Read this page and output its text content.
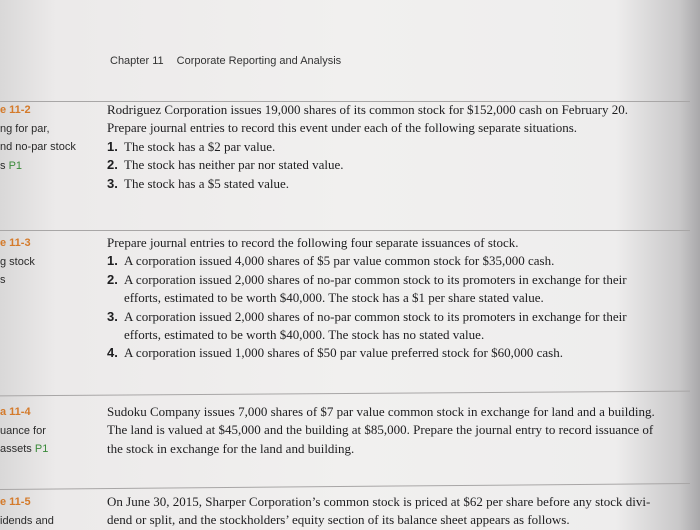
Chapter 11 Corporate Reporting and Analysis
e 11-2
ng for par,
nd no-par stock
s P1
Rodriguez Corporation issues 19,000 shares of its common stock for $152,000 cash on February 20.
Prepare journal entries to record this event under each of the following separate situations.
1. The stock has a $2 par value.
2. The stock has neither par nor stated value.
3. The stock has a $5 stated value.
e 11-3
g stock
s
Prepare journal entries to record the following four separate issuances of stock.
1. A corporation issued 4,000 shares of $5 par value common stock for $35,000 cash.
2. A corporation issued 2,000 shares of no-par common stock to its promoters in exchange for their
efforts, estimated to be worth $40,000. The stock has a $1 per share stated value.
3. A corporation issued 2,000 shares of no-par common stock to its promoters in exchange for their
efforts, estimated to be worth $40,000. The stock has no stated value.
4. A corporation issued 1,000 shares of $50 par value preferred stock for $60,000 cash.
a 11-4
uance for
assets P1
Sudoku Company issues 7,000 shares of $7 par value common stock in exchange for land and a building.
The land is valued at $45,000 and the building at $85,000. Prepare the journal entry to record issuance of
the stock in exchange for the land and building.
e 11-5
idends and
On June 30, 2015, Sharper Corporation’s common stock is priced at $62 per share before any stock divi-
dend or split, and the stockholders’ equity section of its balance sheet appears as follows.
